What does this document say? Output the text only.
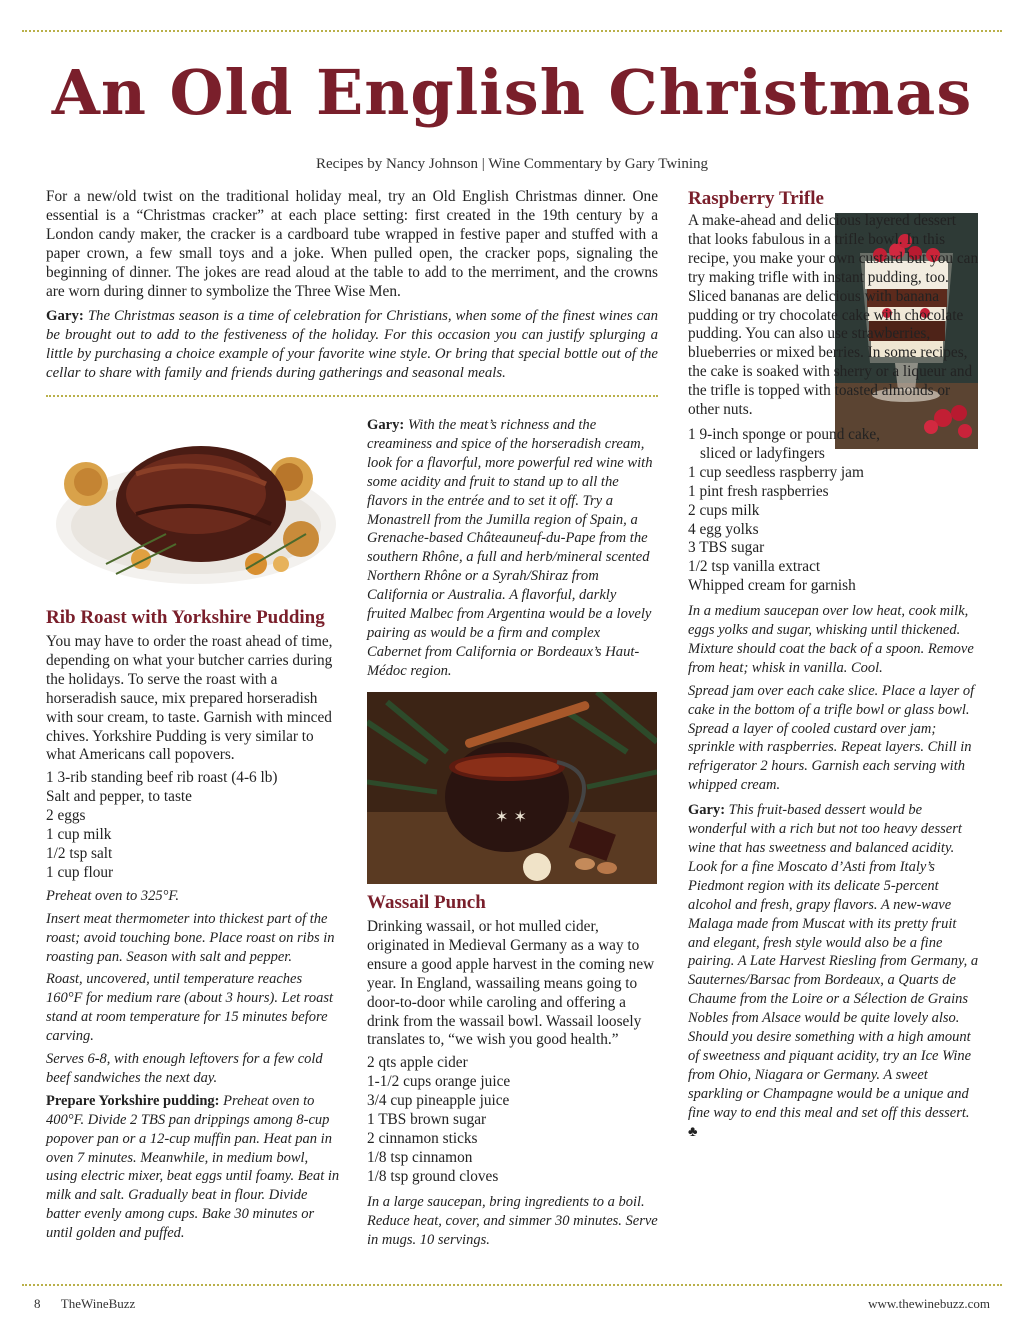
An Old English Christmas
Recipes by Nancy Johnson | Wine Commentary by Gary Twining

For a new/old twist on the traditional holiday meal, try an Old English Christmas dinner. One essential is a “Christmas cracker” at each place setting: first created in the 19th century by a London candy maker, the cracker is a cardboard tube wrapped in festive paper and stuffed with a paper crown, a few small toys and a joke. When pulled open, the cracker pops, signaling the beginning of dinner. The jokes are read aloud at the table to add to the merriment, and the crowns are worn during dinner to symbolize the Three Wise Men.

Gary: The Christmas season is a time of celebration for Christians, when some of the finest wines can be brought out to add to the festiveness of the holiday. For this occasion you can justify splurging a little by purchasing a choice example of your favorite wine style. Or bring that special bottle out of the cellar to share with family and friends during gatherings and seasonal meals.

Rib Roast with Yorkshire Pudding

You may have to order the roast ahead of time, depending on what your butcher carries during the holidays. To serve the roast with a horseradish sauce, mix prepared horseradish with sour cream, to taste. Garnish with minced chives. Yorkshire Pudding is very similar to what Americans call popovers.

1 3-rib standing beef rib roast (4-6 lb)

Salt and pepper, to taste

2 eggs

1 cup milk

1/2 tsp salt

1 cup flour

Preheat oven to 325°F.

Insert meat thermometer into thickest part of the roast; avoid touching bone. Place roast on ribs in roasting pan. Season with salt and pepper.

Roast, uncovered, until temperature reaches 160°F for medium rare (about 3 hours). Let roast stand at room temperature for 15 minutes before carving.

Serves 6-8, with enough leftovers for a few cold beef sandwiches the next day.

Prepare Yorkshire pudding: Preheat oven to 400°F. Divide 2 TBS pan drippings among 8-cup popover pan or a 12-cup muffin pan. Heat pan in oven 7 minutes. Meanwhile, in medium bowl, using electric mixer, beat eggs until foamy. Beat in milk and salt. Gradually beat in flour. Divide batter evenly among cups. Bake 30 minutes or until golden and puffed.

Gary: With the meat’s richness and the creaminess and spice of the horseradish cream, look for a flavorful, more powerful red wine with some acidity and fruit to stand up to all the flavors in the entrée and to set it off. Try a Monastrell from the Jumilla region of Spain, a Grenache-based Châteauneuf-du-Pape from the southern Rhône, a full and herb/mineral scented Northern Rhône or a Syrah/Shiraz from California or Australia. A flavorful, darkly fruited Malbec from Argentina would be a lovely pairing as would be a firm and complex Cabernet from California or Bordeaux’s Haut-Médoc region.

✶ ✶
Wassail Punch

Drinking wassail, or hot mulled cider, originated in Medieval Germany as a way to ensure a good apple harvest in the coming new year. In England, wassailing means going to door-to-door while caroling and offering a drink from the wassail bowl. Wassail loosely translates to, “we wish you good health.”

2 qts apple cider

1-1/2 cups orange juice

3/4 cup pineapple juice

1 TBS brown sugar

2 cinnamon sticks

1/8 tsp cinnamon

1/8 tsp ground cloves

In a large saucepan, bring ingredients to a boil. Reduce heat, cover, and simmer 30 minutes. Serve in mugs. 10 servings.

Raspberry Trifle

A make-ahead and delicious layered dessert that looks fabulous in a trifle bowl. In this recipe, you make your own custard but you can try making trifle with instant pudding, too. Sliced bananas are delicious with banana pudding or try chocolate cake with chocolate pudding. You can also use strawberries, blueberries or mixed berries. In some recipes, the cake is soaked with sherry or a liqueur and the trifle is topped with toasted almonds or other nuts.

1 9-inch sponge or pound cake,

sliced or ladyfingers

1 cup seedless raspberry jam

1 pint fresh raspberries

2 cups milk

4 egg yolks

3 TBS sugar

1/2 tsp vanilla extract

Whipped cream for garnish

In a medium saucepan over low heat, cook milk, eggs yolks and sugar, whisking until thickened. Mixture should coat the back of a spoon. Remove from heat; whisk in vanilla. Cool.

Spread jam over each cake slice. Place a layer of cake in the bottom of a trifle bowl or glass bowl. Spread a layer of cooled custard over jam; sprinkle with raspberries. Repeat layers. Chill in refrigerator 2 hours. Garnish each serving with whipped cream.

Gary: This fruit-based dessert would be wonderful with a rich but not too heavy dessert wine that has sweetness and balanced acidity. Look for a fine Moscato d’Asti from Italy’s Piedmont region with its delicate 5-percent alcohol and fresh, grapy flavors. A new-wave Malaga made from Muscat with its pretty fruit and elegant, fresh style would also be a fine pairing. A Late Harvest Riesling from Germany, a Sauternes/Barsac from Bordeaux, a Quarts de Chaume from the Loire or a Sélection de Grains Nobles from Alsace would be quite lovely also. Should you desire something with a high amount of sweetness and piquant acidity, try an Ice Wine from Ohio, Niagara or Germany. A sweet sparkling or Champagne would be a unique and fine way to end this meal and set off this dessert. ♣

8 TheWineBuzz	www.thewinebuzz.com
